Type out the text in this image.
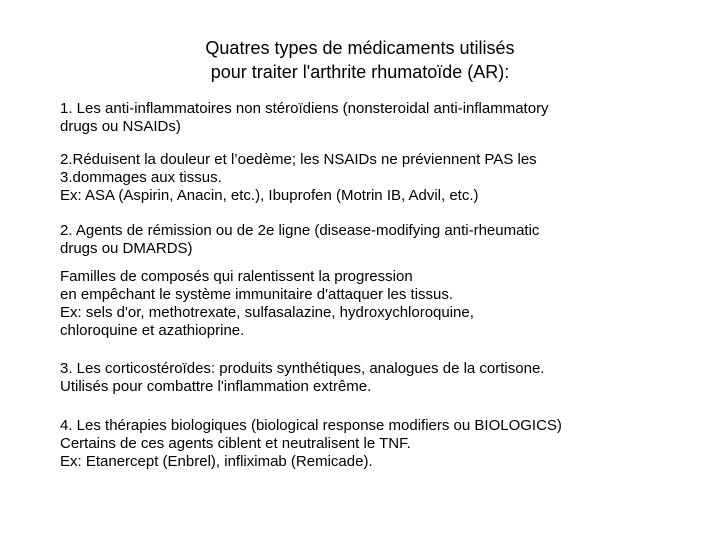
Quatres types de médicaments utilisés
pour traiter l'arthrite rhumatoïde (AR):
1. Les anti-inflammatoires non stéroïdiens (nonsteroidal anti-inflammatory
drugs ou NSAIDs)
2.Réduisent la douleur et l’oedème; les NSAIDs ne préviennent PAS les
3.dommages aux tissus.
Ex: ASA (Aspirin, Anacin, etc.), Ibuprofen (Motrin IB, Advil, etc.)
2. Agents de rémission ou de 2e ligne (disease-modifying anti-rheumatic
drugs ou DMARDS)
Familles de composés qui ralentissent la progression
en empêchant le système immunitaire d'attaquer les tissus.
Ex: sels d'or, methotrexate, sulfasalazine, hydroxychloroquine,
chloroquine et azathioprine.
3. Les corticostéroïdes: produits synthétiques, analogues de la cortisone.
Utilisés pour combattre l'inflammation extrême.
4. Les thérapies biologiques (biological response modifiers ou BIOLOGICS)
Certains de ces agents ciblent et neutralisent le TNF.
Ex: Etanercept (Enbrel), infliximab (Remicade).
